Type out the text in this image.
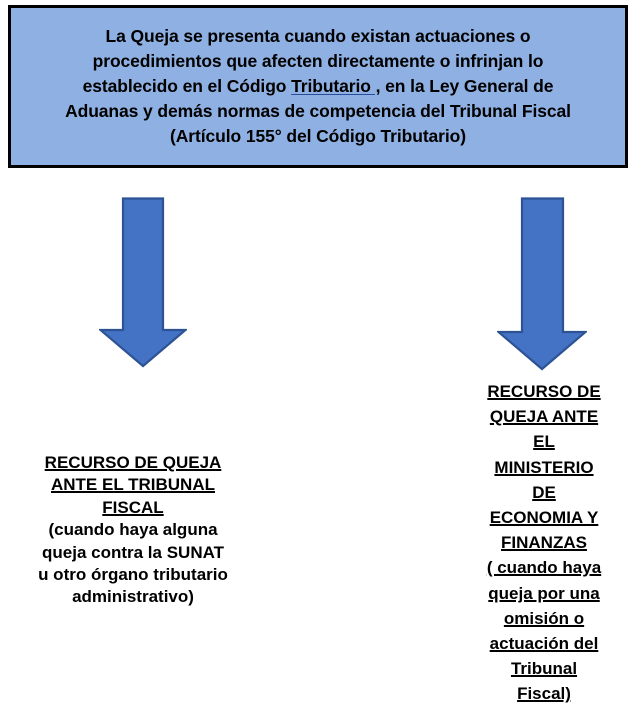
La Queja se presenta cuando existan actuaciones o
procedimientos que afecten directamente o infrinjan lo
establecido en el Código Tributario , en la Ley General de
Aduanas y demás normas de competencia del Tribunal Fiscal
(Artículo 155° del Código Tributario)
RECURSO DE QUEJA
ANTE EL TRIBUNAL
FISCAL
(cuando haya alguna
queja contra la SUNAT
u otro órgano tributario
administrativo)
RECURSO DE
QUEJA ANTE
EL
MINISTERIO
DE
ECONOMIA Y
FINANZAS
( cuando haya
queja por una
omisión o
actuación del
Tribunal
Fiscal)
